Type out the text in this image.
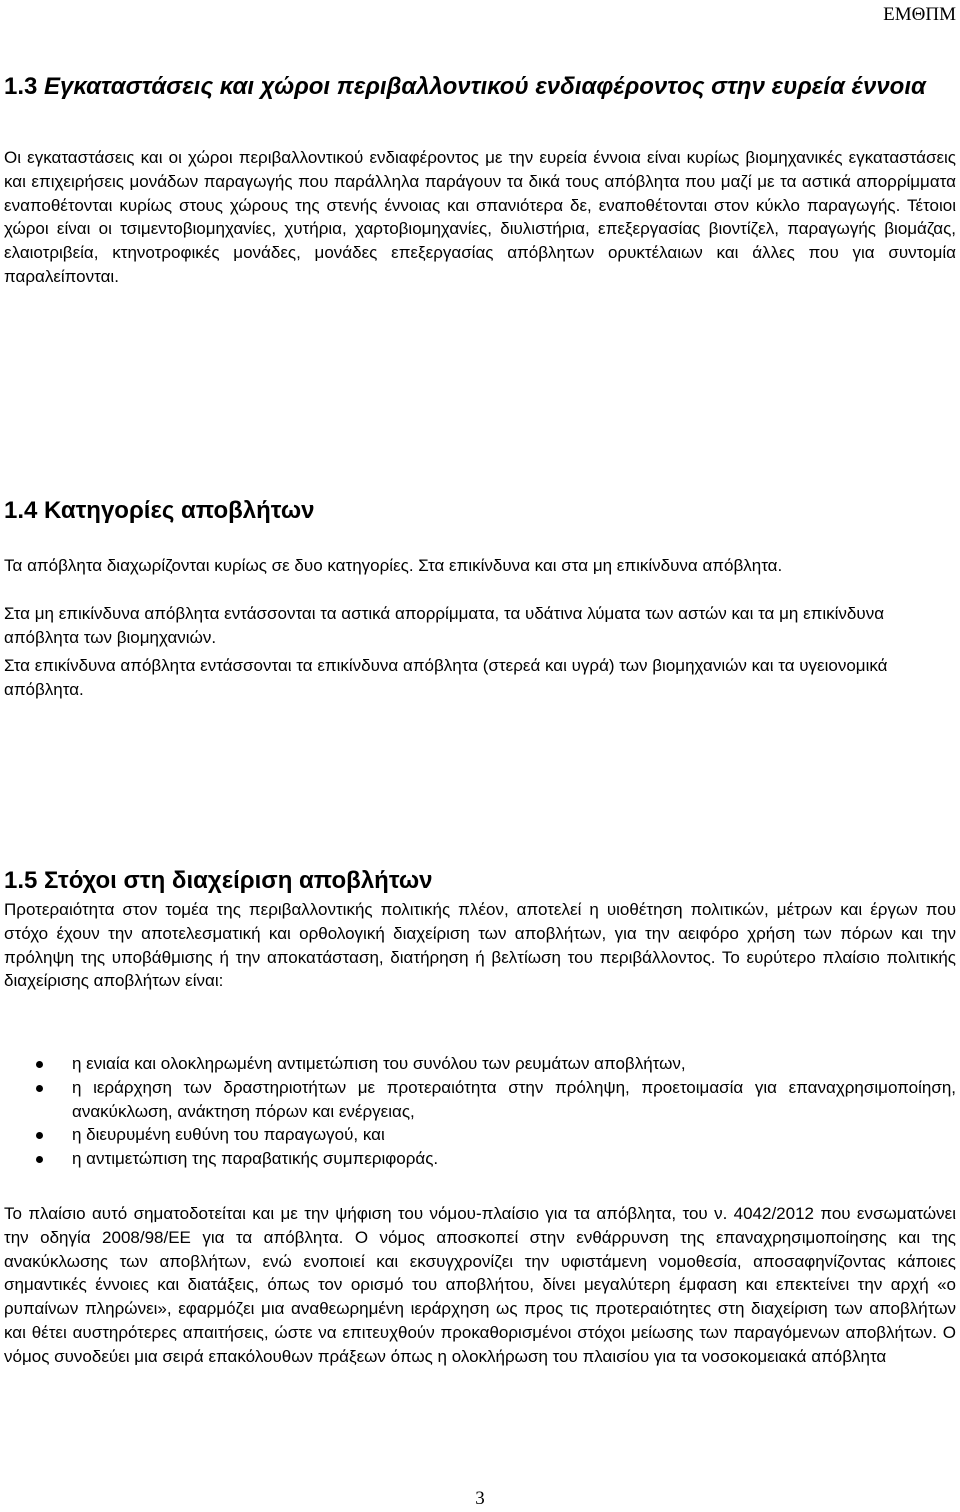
ΕΜΘΠΜ
1.3 Εγκαταστάσεις και χώροι περιβαλλοντικού ενδιαφέροντος στην ευρεία έννοια
Οι εγκαταστάσεις και οι χώροι περιβαλλοντικού ενδιαφέροντος με την ευρεία έννοια είναι κυρίως βιομηχανικές εγκαταστάσεις και επιχειρήσεις μονάδων παραγωγής που παράλληλα παράγουν τα δικά τους απόβλητα που μαζί με τα αστικά απορρίμματα εναποθέτονται κυρίως στους χώρους της στενής έννοιας και σπανιότερα δε, εναποθέτονται στον κύκλο παραγωγής. Τέτοιοι χώροι είναι οι τσιμεντοβιομηχανίες, χυτήρια, χαρτοβιομηχανίες, διυλιστήρια, επεξεργασίας βιοντίζελ, παραγωγής βιομάζας, ελαιοτριβεία, κτηνοτροφικές μονάδες, μονάδες επεξεργασίας απόβλητων ορυκτέλαιων και άλλες που για συντομία παραλείπονται.
1.4 Κατηγορίες αποβλήτων
Τα απόβλητα διαχωρίζονται κυρίως σε δυο κατηγορίες. Στα επικίνδυνα και στα μη επικίνδυνα απόβλητα.
Στα μη επικίνδυνα απόβλητα εντάσσονται τα αστικά απορρίμματα, τα υδάτινα λύματα των αστών και τα μη επικίνδυνα απόβλητα των βιομηχανιών.
Στα επικίνδυνα απόβλητα εντάσσονται τα επικίνδυνα απόβλητα (στερεά και υγρά) των βιομηχανιών και τα υγειονομικά απόβλητα.
1.5 Στόχοι στη διαχείριση αποβλήτων
Προτεραιότητα στον τομέα της περιβαλλοντικής πολιτικής πλέον, αποτελεί η υιοθέτηση πολιτικών, μέτρων και έργων που στόχο έχουν την αποτελεσματική και ορθολογική διαχείριση των αποβλήτων, για την αειφόρο χρήση των πόρων και την πρόληψη της υποβάθμισης ή την αποκατάσταση, διατήρηση ή βελτίωση του περιβάλλοντος. Το ευρύτερο πλαίσιο πολιτικής διαχείρισης αποβλήτων είναι:
η ενιαία και ολοκληρωμένη αντιμετώπιση του συνόλου των ρευμάτων αποβλήτων,
η ιεράρχηση των δραστηριοτήτων με προτεραιότητα στην πρόληψη, προετοιμασία για επαναχρησιμοποίηση, ανακύκλωση, ανάκτηση πόρων και ενέργειας,
η διευρυμένη ευθύνη του παραγωγού, και
η αντιμετώπιση της παραβατικής συμπεριφοράς.
Το πλαίσιο αυτό σηματοδοτείται και με την ψήφιση του νόμου-πλαίσιο για τα απόβλητα, του ν. 4042/2012 που ενσωματώνει την οδηγία 2008/98/ΕΕ για τα απόβλητα. Ο νόμος αποσκοπεί στην ενθάρρυνση της επαναχρησιμοποίησης και της ανακύκλωσης των αποβλήτων, ενώ ενοποιεί και εκσυγχρονίζει την υφιστάμενη νομοθεσία, αποσαφηνίζοντας κάποιες σημαντικές έννοιες και διατάξεις, όπως τον ορισμό του αποβλήτου, δίνει μεγαλύτερη έμφαση και επεκτείνει την αρχή «ο ρυπαίνων πληρώνει», εφαρμόζει μια αναθεωρημένη ιεράρχηση ως προς τις προτεραιότητες στη διαχείριση των αποβλήτων και θέτει αυστηρότερες απαιτήσεις, ώστε να επιτευχθούν προκαθορισμένοι στόχοι μείωσης των παραγόμενων αποβλήτων. Ο νόμος συνοδεύει μια σειρά επακόλουθων πράξεων όπως η ολοκλήρωση του πλαισίου για τα νοσοκομειακά απόβλητα
3
